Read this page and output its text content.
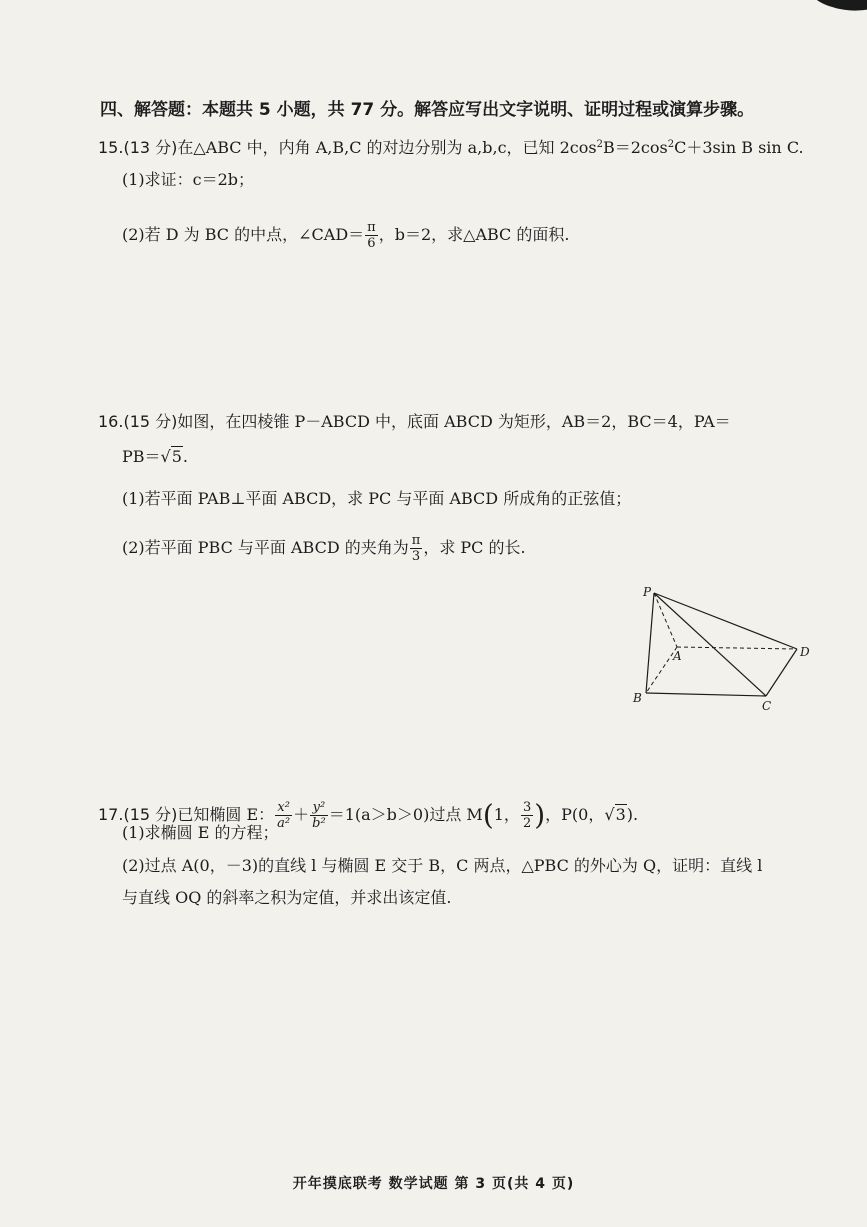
四、解答题：本题共 5 小题，共 77 分。解答应写出文字说明、证明过程或演算步骤。
15.(13 分)在△ABC 中，内角 A,B,C 的对边分别为 a,b,c，已知 $2\cos^2B=2\cos^2C+3\sin$ B sin C.
(1)求证：c＝2b；
(2)若 D 为 BC 的中点，∠CAD＝ $\frac{\pi}{6}$ ，b＝2，求△ABC 的面积.
16.(15 分)如图，在四棱锥 P－ABCD 中，底面 ABCD 为矩形，AB＝2，BC＝4，PA＝
PB＝√5.
(1)若平面 PAB⊥平面 ABCD，求 PC 与平面 ABCD 所成角的正弦值；
(2)若平面 PBC 与平面 ABCD 的夹角为 $\frac{\pi}{3}$ ，求 PC 的长.
P
A
B
C
D
17.(15 分)已知椭圆 E： $\frac{\text{x²}}{\text{a²}} + \frac{\text{y²}}{\text{b²}} =1(a>b>0)$过点 M(1， $\frac{3}{2}$ )，P(0，√3).
(1)求椭圆 E 的方程；
(2)过点 A(0，－3)的直线 l 与椭圆 E 交于 B，C 两点，△PBC 的外心为 Q，证明：直线 l
与直线 OQ 的斜率之积为定值，并求出该定值.
开年摸底联考 数学试题 第 3 页(共 4 页)
